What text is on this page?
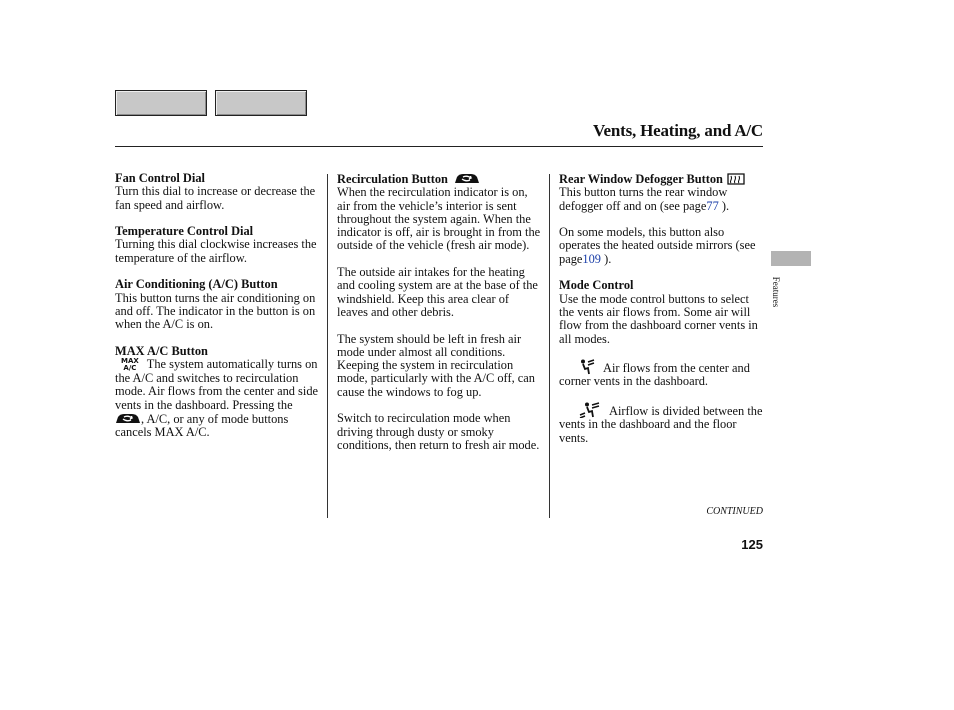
Vents, Heating, and A/C
Fan Control Dial

Turn this dial to increase or decrease the fan speed and airflow.

Temperature Control Dial

Turning this dial clockwise increases the temperature of the airflow.

Air Conditioning (A/C) Button

This button turns the air conditioning on and off. The indicator in the button is on when the A/C is on.

MAX A/C Button

MAX
A/C The system automatically turns on the A/C and switches to recirculation mode. Air flows from the center and side vents in the dashboard. Pressing the , A/C, or any of mode buttons cancels MAX A/C.

Recirculation Button

When the recirculation indicator is on, air from the vehicle’s interior is sent throughout the system again. When the indicator is off, air is brought in from the outside of the vehicle (fresh air mode).

The outside air intakes for the heating and cooling system are at the base of the windshield. Keep this area clear of leaves and other debris.

The system should be left in fresh air mode under almost all conditions. Keeping the system in recirculation mode, particularly with the A/C off, can cause the windows to fog up.

Switch to recirculation mode when driving through dusty or smoky conditions, then return to fresh air mode.

Rear Window Defogger Button

This button turns the rear window defogger off and on (see page77 ).

On some models, this button also operates the heated outside mirrors (see page109 ).

Mode Control

Use the mode control buttons to select the vents air flows from. Some air will flow from the dashboard corner vents in all modes.

Air flows from the center and corner vents in the dashboard.

Airflow is divided between the vents in the dashboard and the floor vents.

Features
CONTINUED
125
